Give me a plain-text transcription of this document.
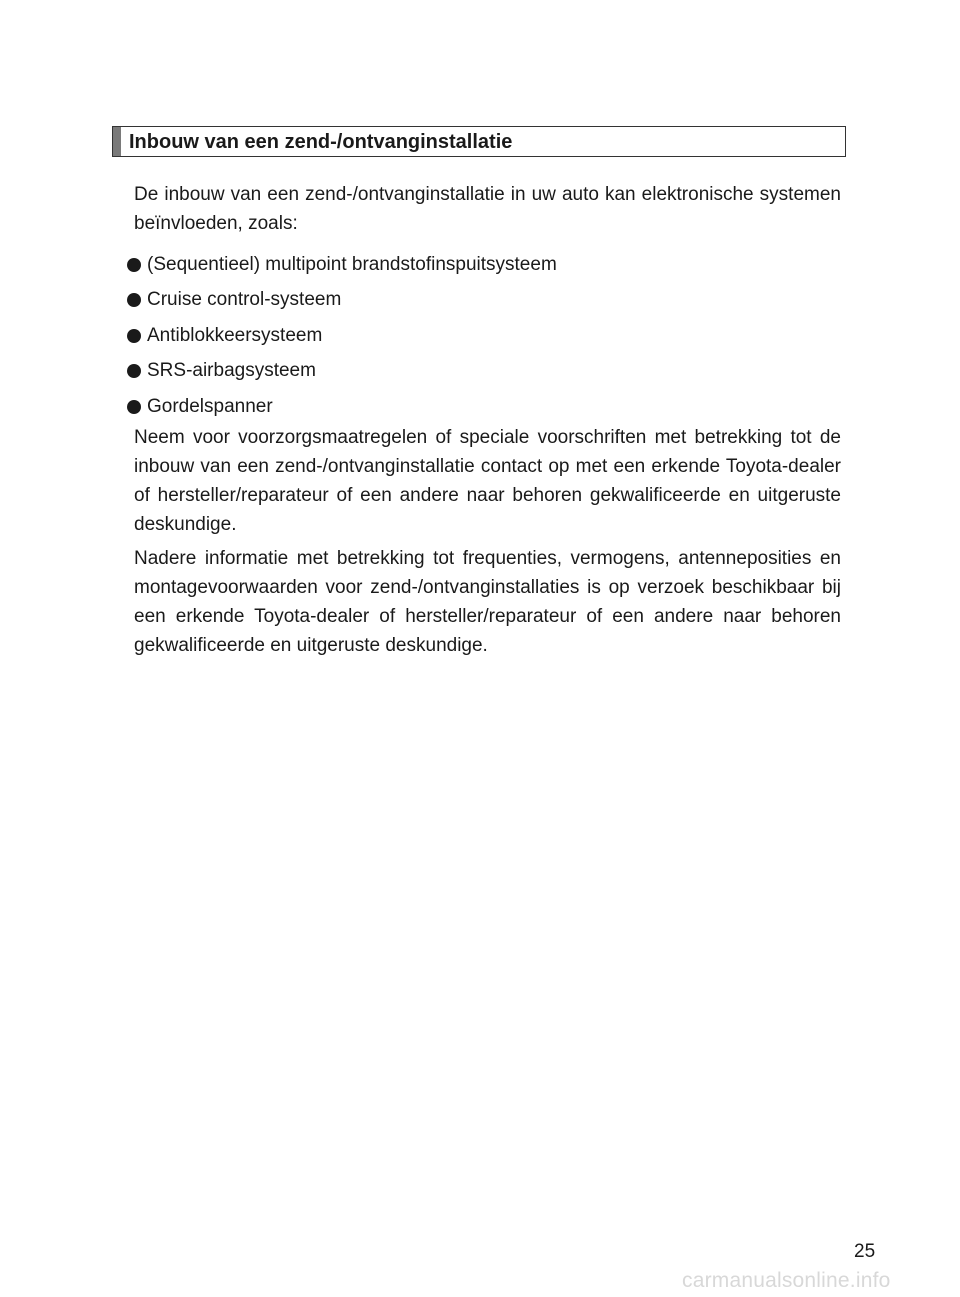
Inbouw van een zend-/ontvanginstallatie

De inbouw van een zend-/ontvanginstallatie in uw auto kan elektronische systemen beïnvloeden, zoals:

(Sequentieel) multipoint brandstofinspuitsysteem
Cruise control-systeem
Antiblokkeersysteem
SRS-airbagsysteem
Gordelspanner

Neem voor voorzorgsmaatregelen of speciale voorschriften met betrekking tot de inbouw van een zend-/ontvanginstallatie contact op met een erkende Toyota-dealer of hersteller/reparateur of een andere naar behoren gekwalificeerde en uitgeruste deskundige.

Nadere informatie met betrekking tot frequenties, vermogens, antenneposities en montagevoorwaarden voor zend-/ontvanginstallaties is op verzoek beschikbaar bij een erkende Toyota-dealer of hersteller/reparateur of een andere naar behoren gekwalificeerde en uitgeruste deskundige.

25
carmanualsonline.info
